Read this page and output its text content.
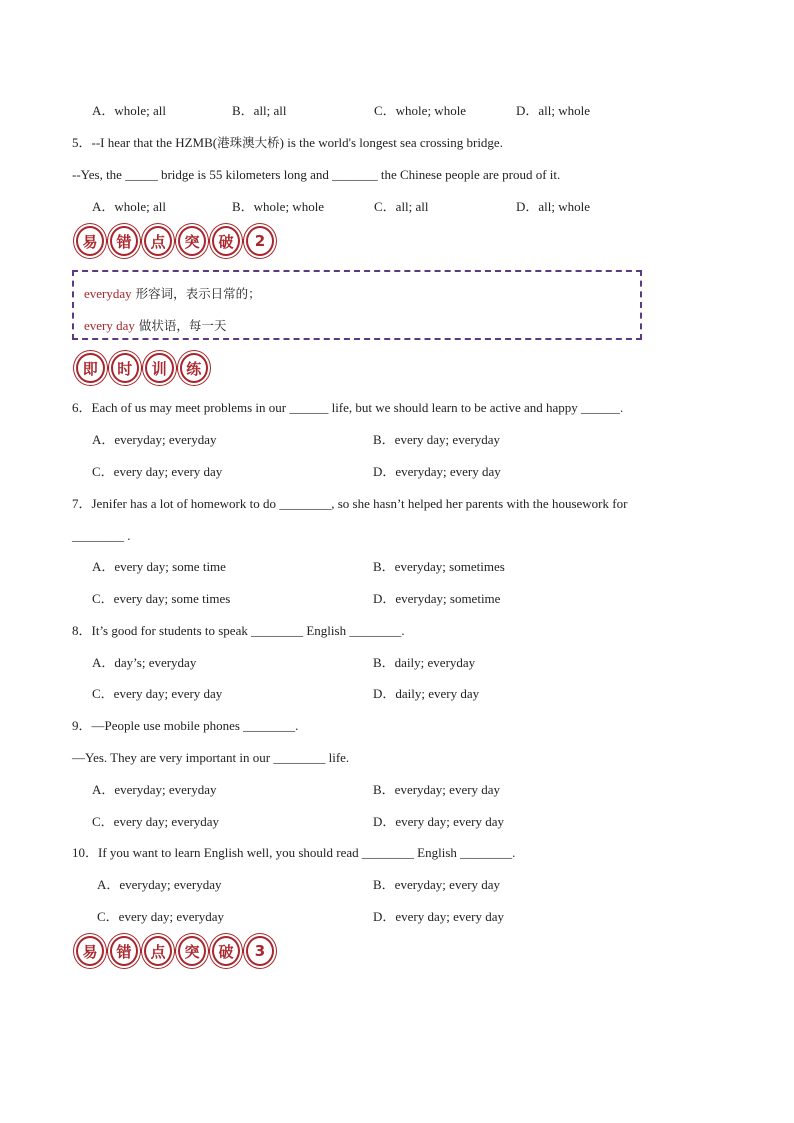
A．whole; all	B．all; all	C．whole; whole	D．all; whole
5．--I hear that the HZMB(港珠澳大桥) is the world's longest sea crossing bridge.
--Yes, the _____ bridge is 55 kilometers long and _______ the Chinese people are proud of it.
A．whole; all	B．whole; whole	C．all; all	D．all; whole
易	错	点	突	破	2
everyday 形容词，表示日常的；
every day 做状语，每一天
即	时	训	练
6．Each of us may meet problems in our ______ life, but we should learn to be active and happy ______.
A．everyday; everyday	B．every day; everyday
C．every day; every day	D．everyday; every day
7．Jenifer has a lot of homework to do ________, so she hasn’t helped her parents with the housework for
________ .
A．every day; some time	B．everyday; sometimes
C．every day; some times	D．everyday; sometime
8．It’s good for students to speak ________ English ________.
A．day’s; everyday	B．daily; everyday
C．every day; every day	D．daily; every day
9．—People use mobile phones ________.
—Yes. They are very important in our ________ life.
A．everyday; everyday	B．everyday; every day
C．every day; everyday	D．every day; every day
10．If you want to learn English well, you should read ________ English ________.
A．everyday; everyday	B．everyday; every day
C．every day; everyday	D．every day; every day
易	错	点	突	破	3
